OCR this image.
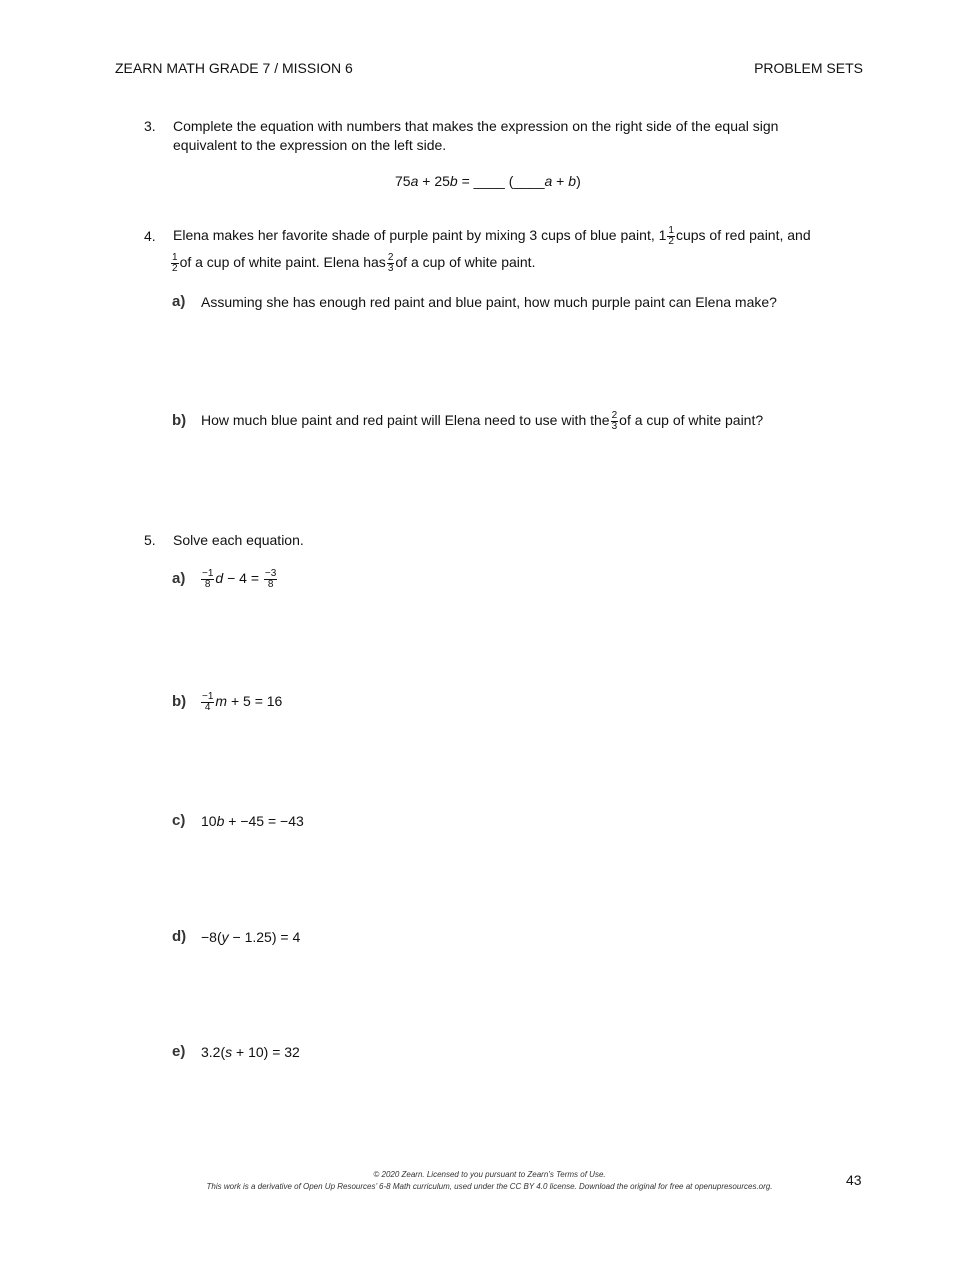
ZEARN MATH GRADE 7 / MISSION 6	PROBLEM SETS
3.	Complete the equation with numbers that makes the expression on the right side of the equal sign
equivalent to the expression on the left side.
75a + 25b = ____ (____a + b)
4.	Elena makes her favorite shade of purple paint by mixing 3 cups of blue paint, $1 \frac{1}{2}$ cups of red paint, and
$\frac{1}{2}$ of a cup of white paint. Elena has $\frac{2}{3}$ of a cup of white paint.
a) Assuming she has enough red paint and blue paint, how much purple paint can Elena make?
b) How much blue paint and red paint will Elena need to use with the $\frac{2}{3}$ of a cup of white paint?
5.	Solve each equation.
$a) \frac{-1}{8}$ $d - 4 = \frac{-3}{8}$
$b) \frac{-1}{4}$ m + 5 = 16
c) 10b + −45 = −43
d) −8(y − 1.25) = 4
e) 3.2(s + 10) = 32
© 2020 Zearn. Licensed to you pursuant to Zearn’s Terms of Use.
This work is a derivative of Open Up Resources’ 6-8 Math curriculum, used under the CC BY 4.0 license. Download the original for free at openupresources.org.	43
